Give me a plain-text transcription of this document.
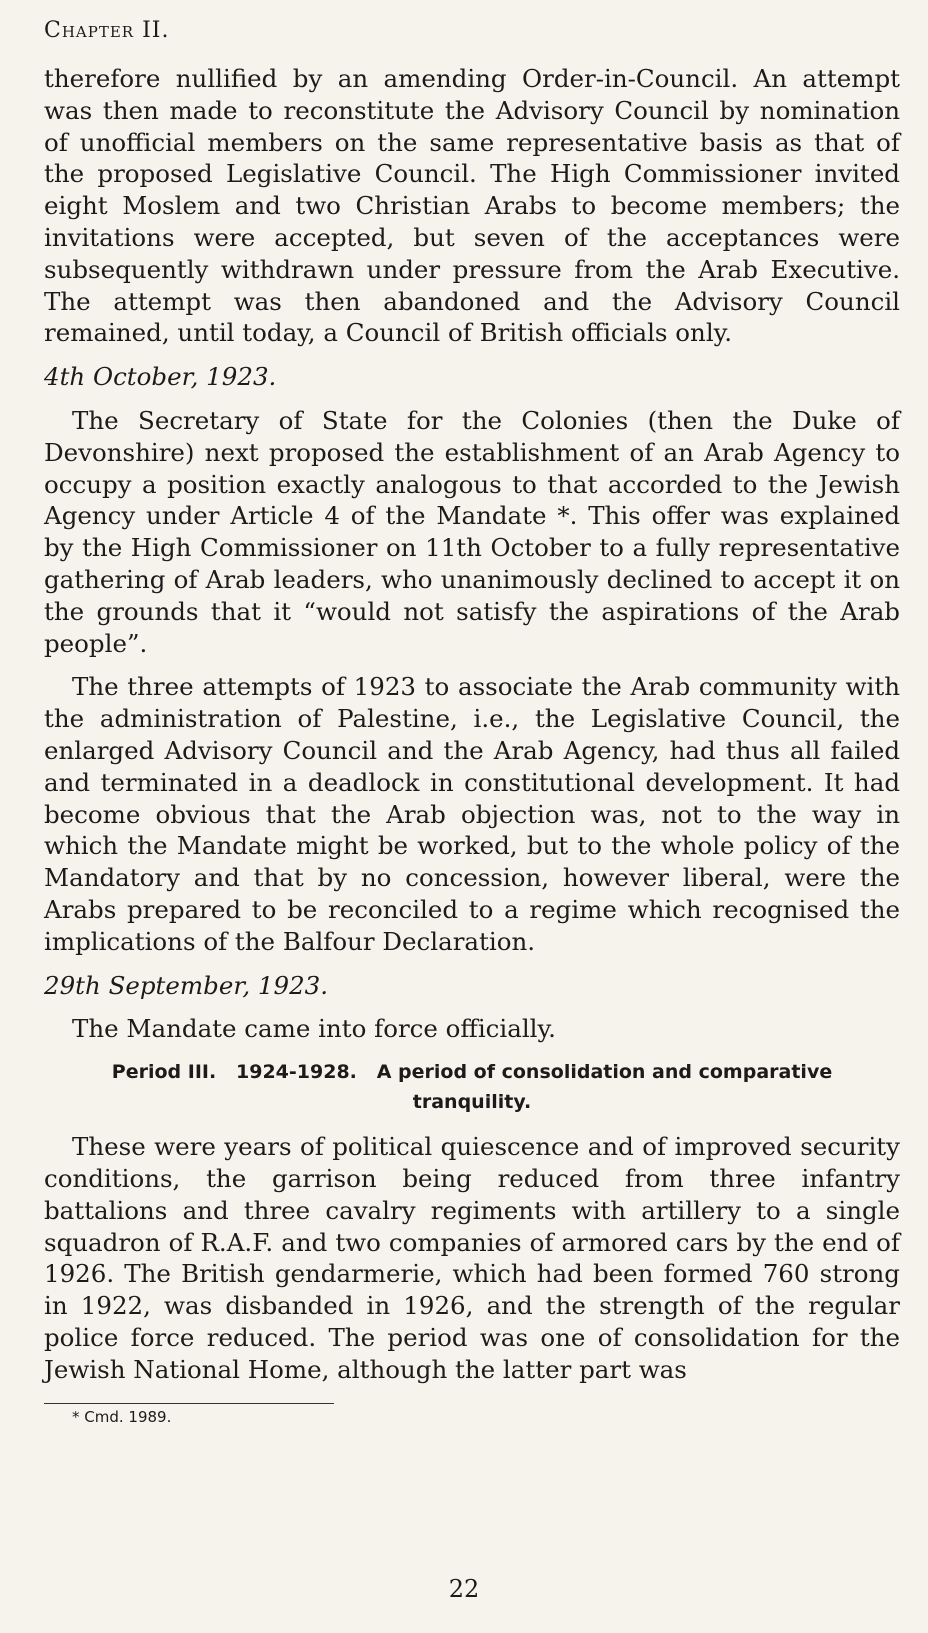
Chapter II.

therefore nullified by an amending Order-in-Council. An attempt was then made to reconstitute the Advisory Council by nomination of unofficial members on the same representative basis as that of the proposed Legislative Council. The High Commissioner invited eight Moslem and two Christian Arabs to become members; the invitations were accepted, but seven of the acceptances were subsequently withdrawn under pressure from the Arab Executive. The attempt was then abandoned and the Advisory Council remained, until today, a Council of British officials only.

4th October, 1923.

The Secretary of State for the Colonies (then the Duke of Devonshire) next proposed the establishment of an Arab Agency to occupy a position exactly analogous to that accorded to the Jewish Agency under Article 4 of the Mandate *. This offer was explained by the High Commissioner on 11th October to a fully representative gathering of Arab leaders, who unanimously declined to accept it on the grounds that it “would not satisfy the aspirations of the Arab people”.

The three attempts of 1923 to associate the Arab community with the administration of Palestine, i.e., the Legislative Council, the enlarged Advisory Council and the Arab Agency, had thus all failed and terminated in a deadlock in constitutional development. It had become obvious that the Arab objection was, not to the way in which the Mandate might be worked, but to the whole policy of the Mandatory and that by no concession, however liberal, were the Arabs prepared to be reconciled to a regime which recognised the implications of the Balfour Declaration.

29th September, 1923.

The Mandate came into force officially.

Period III.   1924-1928.   A period of consolidation and comparative
tranquility.

These were years of political quiescence and of improved security conditions, the garrison being reduced from three infantry battalions and three cavalry regiments with artillery to a single squadron of R.A.F. and two companies of armored cars by the end of 1926. The British gendarmerie, which had been formed 760 strong in 1922, was disbanded in 1926, and the strength of the regular police force reduced. The period was one of consolidation for the Jewish National Home, although the latter part was

* Cmd. 1989.
22
